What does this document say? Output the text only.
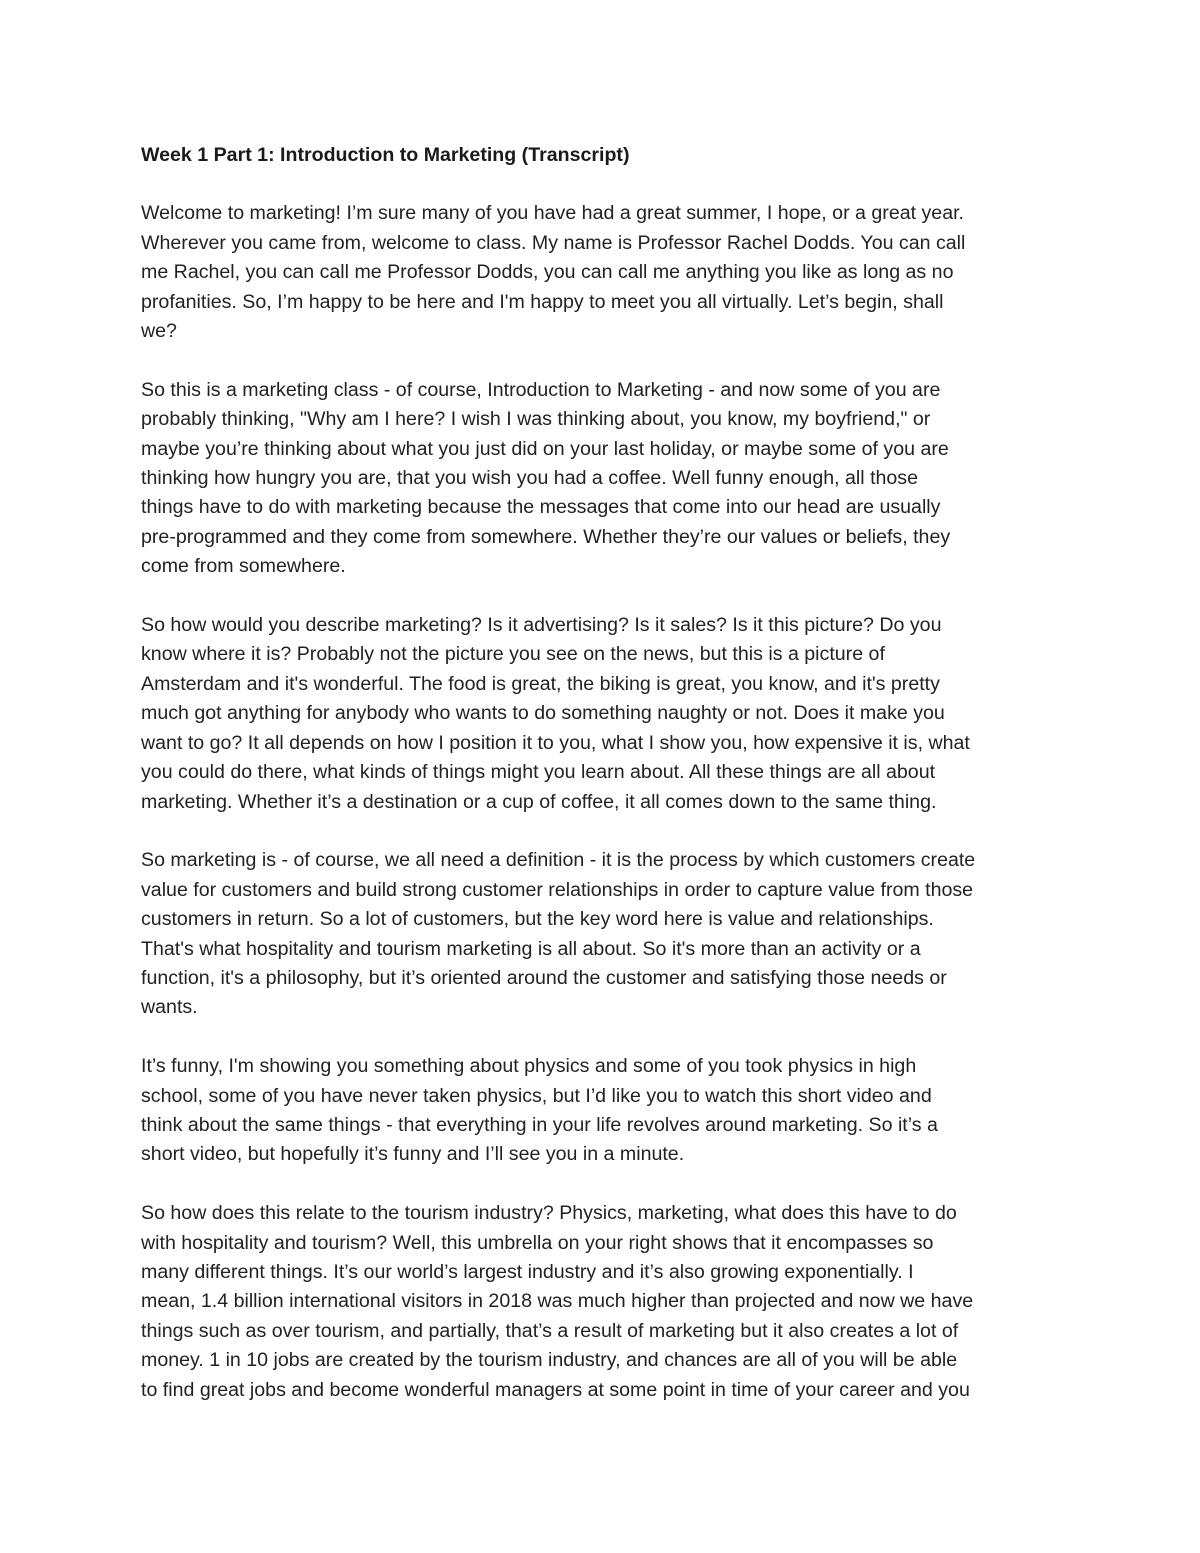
Week 1 Part 1: Introduction to Marketing (Transcript)

Welcome to marketing! I’m sure many of you have had a great summer, I hope, or a great year.
Wherever you came from, welcome to class. My name is Professor Rachel Dodds. You can call
me Rachel, you can call me Professor Dodds, you can call me anything you like as long as no
profanities. So, I’m happy to be here and I'm happy to meet you all virtually. Let’s begin, shall
we?

So this is a marketing class - of course, Introduction to Marketing - and now some of you are
probably thinking, "Why am I here? I wish I was thinking about, you know, my boyfriend," or
maybe you’re thinking about what you just did on your last holiday, or maybe some of you are
thinking how hungry you are, that you wish you had a coffee. Well funny enough, all those
things have to do with marketing because the messages that come into our head are usually
pre-programmed and they come from somewhere. Whether they’re our values or beliefs, they
come from somewhere.

So how would you describe marketing? Is it advertising? Is it sales? Is it this picture? Do you
know where it is? Probably not the picture you see on the news, but this is a picture of
Amsterdam and it's wonderful. The food is great, the biking is great, you know, and it's pretty
much got anything for anybody who wants to do something naughty or not. Does it make you
want to go? It all depends on how I position it to you, what I show you, how expensive it is, what
you could do there, what kinds of things might you learn about. All these things are all about
marketing. Whether it’s a destination or a cup of coffee, it all comes down to the same thing.

So marketing is - of course, we all need a definition - it is the process by which customers create
value for customers and build strong customer relationships in order to capture value from those
customers in return. So a lot of customers, but the key word here is value and relationships.
That's what hospitality and tourism marketing is all about. So it's more than an activity or a
function, it's a philosophy, but it’s oriented around the customer and satisfying those needs or
wants.

It’s funny, I'm showing you something about physics and some of you took physics in high
school, some of you have never taken physics, but I’d like you to watch this short video and
think about the same things - that everything in your life revolves around marketing. So it’s a
short video, but hopefully it’s funny and I’ll see you in a minute.

So how does this relate to the tourism industry? Physics, marketing, what does this have to do
with hospitality and tourism? Well, this umbrella on your right shows that it encompasses so
many different things. It’s our world’s largest industry and it’s also growing exponentially. I
mean, 1.4 billion international visitors in 2018 was much higher than projected and now we have
things such as over tourism, and partially, that’s a result of marketing but it also creates a lot of
money. 1 in 10 jobs are created by the tourism industry, and chances are all of you will be able
to find great jobs and become wonderful managers at some point in time of your career and you
